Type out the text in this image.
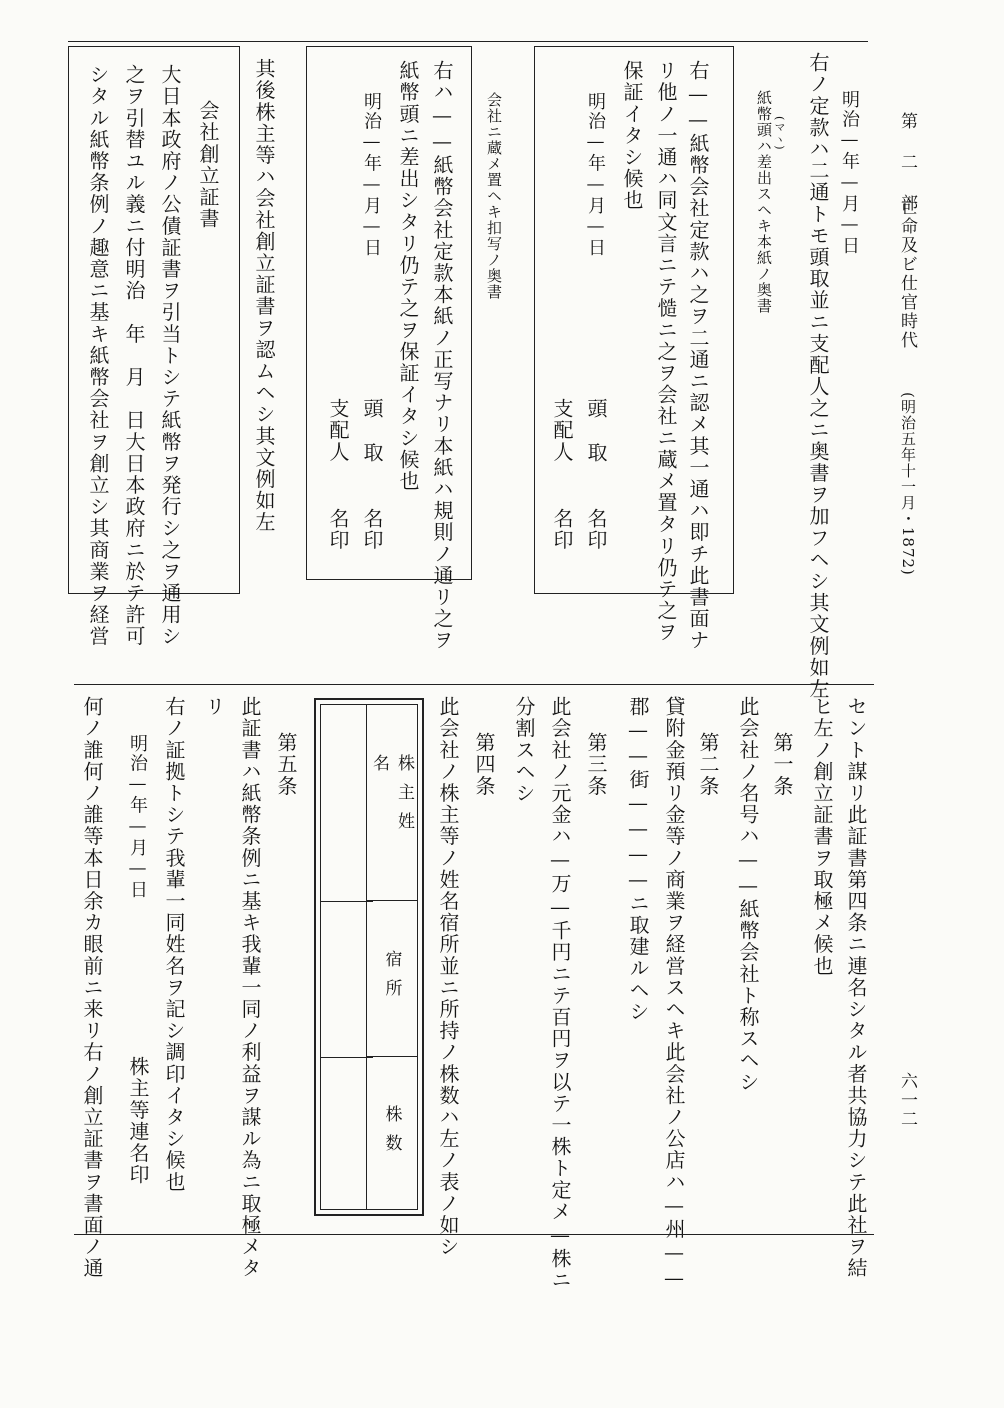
第 二 部
亡命及ビ仕官時代
(明治五年十一月・1872)
六一二
右ノ定款ハ二通トモ頭取並ニ支配人之ニ奥書ヲ加フヘシ其文例如左 明治—年—月—日
(マヽ)
紙幣頭ハ差出スヘキ本紙ノ奥書
右——紙幣会社定款ハ之ヲ二通ニ認メ其一通ハ即チ此書面ナ
リ他ノ一通ハ同文言ニテ慥ニ之ヲ会社ニ蔵メ置タリ仍テ之ヲ
保証イタシ候也
明治—年—月—日
頭
取
名印
支配人
名印
会社ニ蔵メ置ヘキ扣写ノ奥書
右ハ——紙幣会社定款本紙ノ正写ナリ本紙ハ規則ノ通リ之ヲ
紙幣頭ニ差出シタリ仍テ之ヲ保証イタシ候也
明治—年—月—日
頭
取
名印
支配人
名印
其後株主等ハ会社創立証書ヲ認ムヘシ其文例如左
会社創立証書
大日本政府ノ公債証書ヲ引当トシテ紙幣ヲ発行シ之ヲ通用シ
之ヲ引替ユル義ニ付明治　年　月　日大日本政府ニ於テ許可
シタル紙幣条例ノ趣意ニ基キ紙幣会社ヲ創立シ其商業ヲ経営
セント謀リ此証書第四条ニ連名シタル者共協力シテ此社ヲ結
ヒ左ノ創立証書ヲ取極メ候也
第一条
此会社ノ名号ハ——紙幣会社ト称スヘシ
第二条
貸附金預リ金等ノ商業ヲ経営スヘキ此会社ノ公店ハ—州——
郡——街————ニ取建ルヘシ
第三条
此会社ノ元金ハ—万—千円ニテ百円ヲ以テ一株ト定メ—株ニ
分割スヘシ
第四条
此会社ノ株主等ノ姓名宿所並ニ所持ノ株数ハ左ノ表ノ如シ
株主姓名
宿所
株数
第五条
此証書ハ紙幣条例ニ基キ我輩一同ノ利益ヲ謀ル為ニ取極メタ
リ
右ノ証拠トシテ我輩一同姓名ヲ記シ調印イタシ候也
明治—年—月—日
株主等連名印
何ノ誰何ノ誰等本日余カ眼前ニ来リ右ノ創立証書ヲ書面ノ通
